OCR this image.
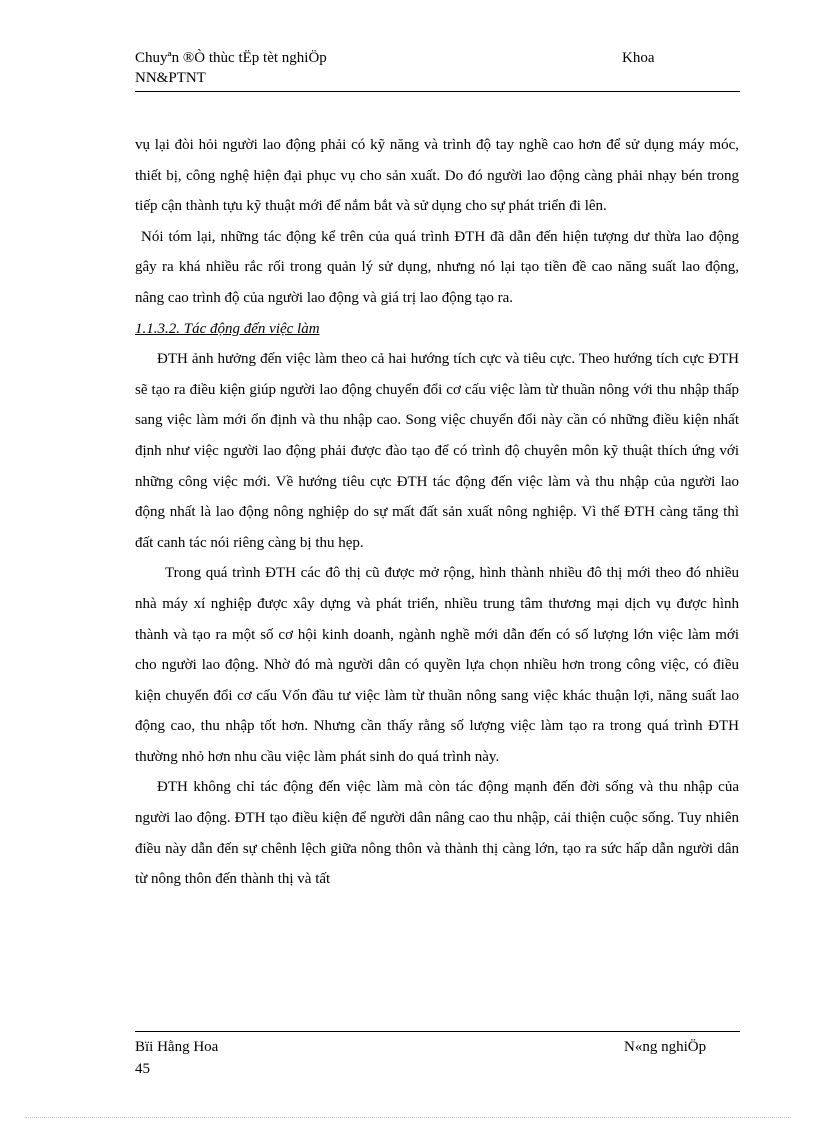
Chuyªn ®Ò thùc tËp tèt nghiÖp	Khoa
NN&PTNT

vụ lại đòi hỏi người lao động phải có kỹ năng và trình độ tay nghề cao hơn để sử dụng máy móc, thiết bị, công nghệ hiện đại phục vụ cho sản xuất. Do đó người lao động càng phải nhạy bén trong tiếp cận thành tựu kỹ thuật mới để nắm bắt và sử dụng cho sự phát triển đi lên.

Nói tóm lại, những tác động kể trên của quá trình ĐTH đã dẫn đến hiện tượng dư thừa lao động gây ra khá nhiều rắc rối trong quản lý sử dụng, nhưng nó lại tạo tiền đề cao năng suất lao động, nâng cao trình độ của người lao động và giá trị lao động tạo ra.

1.1.3.2. Tác động đến việc làm

ĐTH ảnh hưởng đến việc làm theo cả hai hướng tích cực và tiêu cực. Theo hướng tích cực ĐTH sẽ tạo ra điều kiện giúp người lao động chuyển đổi cơ cấu việc làm từ thuần nông với thu nhập thấp sang việc làm mới ổn định và thu nhập cao. Song việc chuyển đổi này cần có những điều kiện nhất định như việc người lao động phải được đào tạo để có trình độ chuyên môn kỹ thuật thích ứng với những công việc mới. Về hướng tiêu cực ĐTH tác động đến việc làm và thu nhập của người lao động nhất là lao động nông nghiệp do sự mất đất sản xuất nông nghiệp. Vì thế ĐTH càng tăng thì đất canh tác nói riêng càng bị thu hẹp.

Trong quá trình ĐTH các đô thị cũ được mở rộng, hình thành nhiều đô thị mới theo đó nhiều nhà máy xí nghiệp được xây dựng và phát triển, nhiều trung tâm thương mại dịch vụ được hình thành và tạo ra một số cơ hội kinh doanh, ngành nghề mới dẫn đến có số lượng lớn việc làm mới cho người lao động. Nhờ đó mà người dân có quyền lựa chọn nhiều hơn trong công việc, có điều kiện chuyển đổi cơ cấu Vốn đầu tư việc làm từ thuần nông sang việc khác thuận lợi, năng suất lao động cao, thu nhập tốt hơn. Nhưng cần thấy rằng số lượng việc làm tạo ra trong quá trình ĐTH thường nhỏ hơn nhu cầu việc làm phát sinh do quá trình này.

ĐTH không chỉ tác động đến việc làm mà còn tác động mạnh đến đời sống và thu nhập của người lao động. ĐTH tạo điều kiện để người dân nâng cao thu nhập, cải thiện cuộc sống. Tuy nhiên điều này dẫn đến sự chênh lệch giữa nông thôn và thành thị càng lớn, tạo ra sức hấp dẫn người dân từ nông thôn đến thành thị và tất

Bïi Hằng Hoa	N«ng nghiÖp
45
